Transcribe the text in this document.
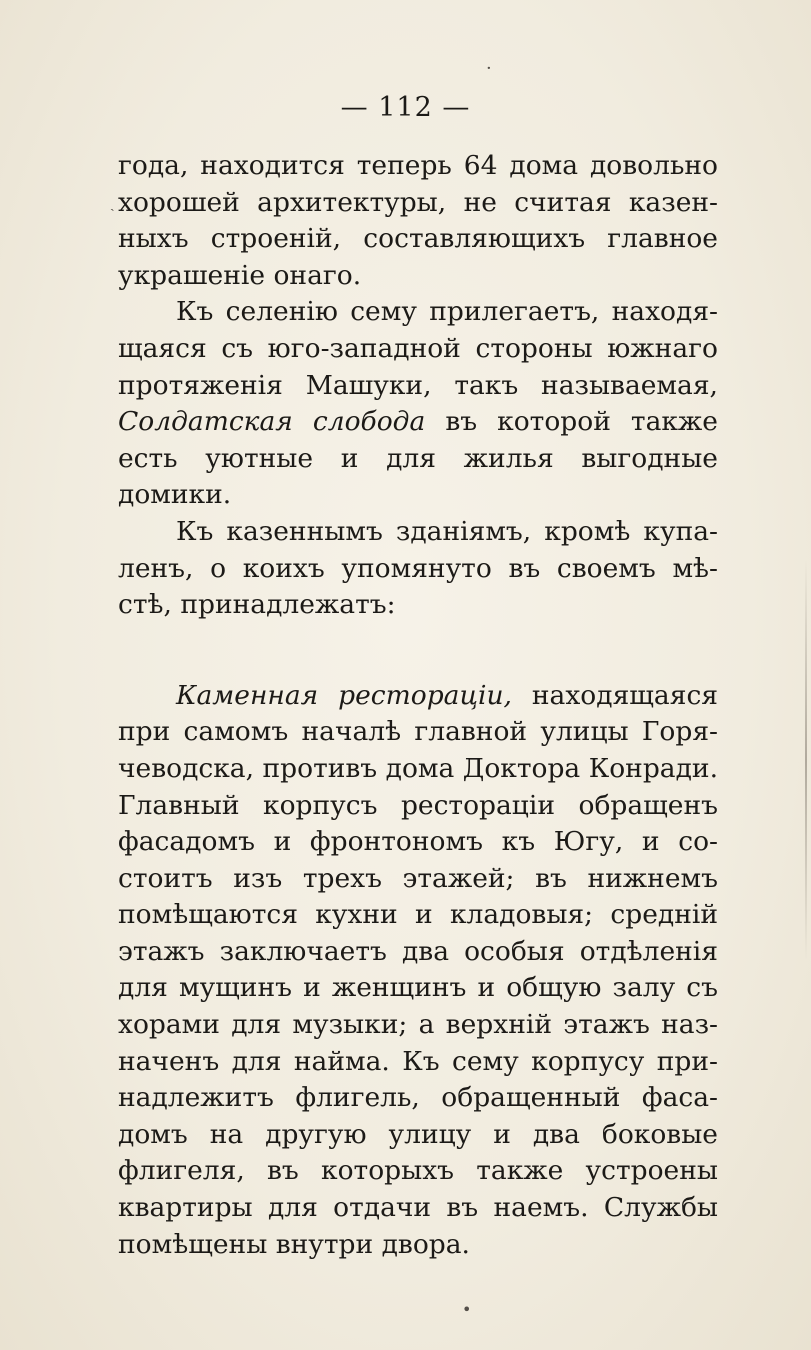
— 112 —
года, находится теперь 64 дома довольно
хорошей архитектуры, не считая казен-
ныхъ строеній, составляющихъ главное
украшеніе онаго.
Къ селенію сему прилегаетъ, находя-
щаяся съ юго-западной стороны южнаго
протяженія Машуки, такъ называемая,
Солдатская слобода въ которой также
есть уютные и для жилья выгодные
домики.
Къ казеннымъ зданіямъ, кромѣ купа-
ленъ, о коихъ упомянуто въ своемъ мѣ-
стѣ, принадлежатъ:
Каменная рестораціи, находящаяся
при самомъ началѣ главной улицы Горя-
чеводска, противъ дома Доктора Конради.
Главный корпусъ рестораціи обращенъ
фасадомъ и фронтономъ къ Югу, и со-
стоитъ изъ трехъ этажей; въ нижнемъ
помѣщаются кухни и кладовыя; среднiй
этажъ заключаетъ два особыя отдѣленія
для мущинъ и женщинъ и общую залу съ
хорами для музыки; а верхній этажъ наз-
наченъ для найма. Къ сему корпусу при-
надлежитъ флигель, обращенный фаса-
домъ на другую улицу и два боковые
флигеля, въ которыхъ также устроены
квартиры для отдачи въ наемъ. Службы
помѣщены внутри двора.
·
ˎ
•
